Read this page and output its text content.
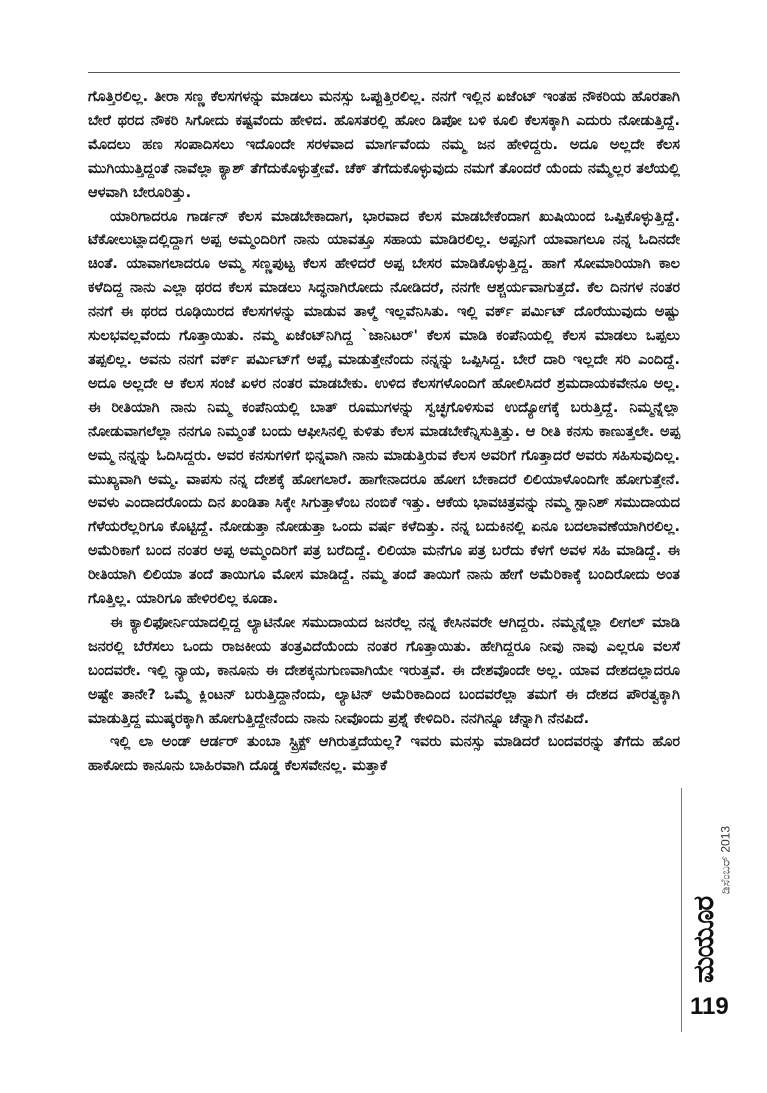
ಗೊತ್ತಿರಲಿಲ್ಲ. ತೀರಾ ಸಣ್ಣ ಕೆಲಸಗಳನ್ನು ಮಾಡಲು ಮನಸ್ಸು ಒಪ್ಪುತ್ತಿರಲಿಲ್ಲ. ನನಗೆ ಇಲ್ಲಿನ ಏಜೆಂಟ್ ಇಂತಹ ನೌಕರಿಯ ಹೊರತಾಗಿ ಬೇರೆ ಥರದ ನೌಕರಿ ಸಿಗೋದು ಕಷ್ಟವೆಂದು ಹೇಳಿದ. ಹೊಸತರಲ್ಲಿ ಹೋಂ ಡಿಪೋ ಬಳಿ ಕೂಲಿ ಕೆಲಸಕ್ಕಾಗಿ ಎದುರು ನೋಡುತ್ತಿದ್ದೆ. ಮೊದಲು ಹಣ ಸಂಪಾದಿಸಲು ಇದೊಂದೇ ಸರಳವಾದ ಮಾರ್ಗವೆಂದು ನಮ್ಮ ಜನ ಹೇಳಿದ್ದರು. ಅದೂ ಅಲ್ಲದೇ ಕೆಲಸ ಮುಗಿಯುತ್ತಿದ್ದಂತೆ ನಾವೆಲ್ಲಾ ಕ್ಯಾಶ್ ತೆಗೆದುಕೊಳ್ಳುತ್ತೇವೆ. ಚೆಕ್ ತೆಗೆದುಕೊಳ್ಳುವುದು ನಮಗೆ ತೊಂದರೆ ಯೆಂದು ನಮ್ಮೆಲ್ಲರ ತಲೆಯಲ್ಲಿ ಆಳವಾಗಿ ಬೇರೂರಿತ್ತು.

ಯಾರಿಗಾದರೂ ಗಾರ್ಡನ್ ಕೆಲಸ ಮಾಡಬೇಕಾದಾಗ, ಭಾರವಾದ ಕೆಲಸ ಮಾಡಬೇಕೆಂದಾಗ ಖುಷಿಯಿಂದ ಒಪ್ಪಿಕೊಳ್ಳುತ್ತಿದ್ದೆ. ಟೆಕೋಲುಟ್ಲಾದಲ್ಲಿದ್ದಾಗ ಅಪ್ಪ ಅಮ್ಮಂದಿರಿಗೆ ನಾನು ಯಾವತ್ತೂ ಸಹಾಯ ಮಾಡಿರಲಿಲ್ಲ. ಅಪ್ಪನಿಗೆ ಯಾವಾಗಲೂ ನನ್ನ ಓದಿನದೇ ಚಿಂತೆ. ಯಾವಾಗಲಾದರೂ ಅಮ್ಮ ಸಣ್ಣಪುಟ್ಟ ಕೆಲಸ ಹೇಳಿದರೆ ಅಪ್ಪ ಬೇಸರ ಮಾಡಿಕೊಳ್ಳುತ್ತಿದ್ದ. ಹಾಗೆ ಸೋಮಾರಿಯಾಗಿ ಕಾಲ ಕಳೆದಿದ್ದ ನಾನು ಎಲ್ಲಾ ಥರದ ಕೆಲಸ ಮಾಡಲು ಸಿದ್ಧನಾಗಿರೋದು ನೋಡಿದರೆ, ನನಗೇ ಆಶ್ಚರ್ಯವಾಗುತ್ತದೆ. ಕೆಲ ದಿನಗಳ ನಂತರ ನನಗೆ ಈ ಥರದ ರೂಢಿಯಿರದ ಕೆಲಸಗಳನ್ನು ಮಾಡುವ ತಾಳ್ಮೆ ಇಲ್ಲವೆನಿಸಿತು. ಇಲ್ಲಿ ವರ್ಕ್ ಪರ್ಮಿಟ್ ದೊರೆಯುವುದು ಅಷ್ಟು ಸುಲಭವಲ್ಲವೆಂದು ಗೊತ್ತಾಯಿತು. ನಮ್ಮ ಏಜೆಂಟ್‌ನಿಗಿದ್ದ `ಜಾನಿಟರ್' ಕೆಲಸ ಮಾಡಿ ಕಂಪೆನಿಯಲ್ಲಿ ಕೆಲಸ ಮಾಡಲು ಒಪ್ಪಲು ತಪ್ಪಲಿಲ್ಲ. ಅವನು ನನಗೆ ವರ್ಕ್ ಪರ್ಮಿಟ್‌ಗೆ ಅಪ್ಲೈ ಮಾಡುತ್ತೇನೆಂದು ನನ್ನನ್ನು ಒಪ್ಪಿಸಿದ್ದ. ಬೇರೆ ದಾರಿ ಇಲ್ಲದೇ ಸರಿ ಎಂದಿದ್ದೆ. ಅದೂ ಅಲ್ಲದೇ ಆ ಕೆಲಸ ಸಂಜೆ ಏಳರ ನಂತರ ಮಾಡಬೇಕು. ಉಳಿದ ಕೆಲಸಗಳೊಂದಿಗೆ ಹೋಲಿಸಿದರೆ ಶ್ರಮದಾಯಕವೇನೂ ಅಲ್ಲ. ಈ ರೀತಿಯಾಗಿ ನಾನು ನಿಮ್ಮ ಕಂಪೆನಿಯಲ್ಲಿ ಬಾತ್ ರೂಮುಗಳನ್ನು ಸ್ವಚ್ಛಗೊಳಿಸುವ ಉದ್ಯೋಗಕ್ಕೆ ಬರುತ್ತಿದ್ದೆ. ನಿಮ್ಮನ್ನೆಲ್ಲಾ ನೋಡುವಾಗಲೆಲ್ಲಾ ನನಗೂ ನಿಮ್ಮಂತೆ ಬಂದು ಆಫೀಸಿನಲ್ಲಿ ಕುಳಿತು ಕೆಲಸ ಮಾಡಬೇಕೆನ್ನಿಸುತ್ತಿತ್ತು. ಆ ರೀತಿ ಕನಸು ಕಾಣುತ್ತಲೇ. ಅಪ್ಪ ಅಮ್ಮ ನನ್ನನ್ನು ಓದಿಸಿದ್ದರು. ಅವರ ಕನಸುಗಳಿಗೆ ಭಿನ್ನವಾಗಿ ನಾನು ಮಾಡುತ್ತಿರುವ ಕೆಲಸ ಅವರಿಗೆ ಗೊತ್ತಾದರೆ ಅವರು ಸಹಿಸುವುದಿಲ್ಲ. ಮುಖ್ಯವಾಗಿ ಅಮ್ಮ. ವಾಪಸು ನನ್ನ ದೇಶಕ್ಕೆ ಹೋಗಲಾರೆ. ಹಾಗೇನಾದರೂ ಹೋಗ ಬೇಕಾದರೆ ಲಿಲಿಯಾಳೊಂದಿಗೇ ಹೋಗುತ್ತೇನೆ. ಅವಳು ಎಂದಾದರೊಂದು ದಿನ ಖಂಡಿತಾ ಸಿಕ್ಕೇ ಸಿಗುತ್ತಾಳೆಂಬ ನಂಬಿಕೆ ಇತ್ತು. ಆಕೆಯ ಭಾವಚಿತ್ರವನ್ನು ನಮ್ಮ ಸ್ಪಾನಿಶ್ ಸಮುದಾಯದ ಗೆಳೆಯರೆಲ್ಲರಿಗೂ ಕೊಟ್ಟಿದ್ದೆ. ನೋಡುತ್ತಾ ನೋಡುತ್ತಾ ಒಂದು ವರ್ಷ ಕಳೆದಿತ್ತು. ನನ್ನ ಬದುಕಿನಲ್ಲಿ ಏನೂ ಬದಲಾವಣೆಯಾಗಿರಲಿಲ್ಲ. ಅಮೆರಿಕಾಗೆ ಬಂದ ನಂತರ ಅಪ್ಪ ಅಮ್ಮಂದಿರಿಗೆ ಪತ್ರ ಬರೆದಿದ್ದೆ. ಲಿಲಿಯಾ ಮನೆಗೂ ಪತ್ರ ಬರೆದು ಕೆಳಗೆ ಅವಳ ಸಹಿ ಮಾಡಿದ್ದೆ. ಈ ರೀತಿಯಾಗಿ ಲಿಲಿಯಾ ತಂದೆ ತಾಯಿಗೂ ಮೋಸ ಮಾಡಿದ್ದೆ. ನಮ್ಮ ತಂದೆ ತಾಯಿಗೆ ನಾನು ಹೇಗೆ ಅಮೆರಿಕಾಕ್ಕೆ ಬಂದಿರೋದು ಅಂತ ಗೊತ್ತಿಲ್ಲ. ಯಾರಿಗೂ ಹೇಳಿರಲಿಲ್ಲ ಕೂಡಾ.

ಈ ಕ್ಯಾಲಿಫೋರ್ನಿಯಾದಲ್ಲಿದ್ದ ಲ್ಯಾಟಿನೋ ಸಮುದಾಯದ ಜನರೆಲ್ಲ ನನ್ನ ಕೇಸಿನವರೇ ಆಗಿದ್ದರು. ನಮ್ಮನ್ನೆಲ್ಲಾ ಲೀಗಲ್ ಮಾಡಿ ಜನರಲ್ಲಿ ಬೆರೆಸಲು ಒಂದು ರಾಜಕೀಯ ತಂತ್ರವಿದೆಯೆಂದು ನಂತರ ಗೊತ್ತಾಯಿತು. ಹೇಗಿದ್ದರೂ ನೀವು ನಾವು ಎಲ್ಲರೂ ವಲಸೆ ಬಂದವರೇ. ಇಲ್ಲಿ ನ್ಯಾಯ, ಕಾನೂನು ಈ ದೇಶಕ್ಕನುಗುಣವಾಗಿಯೇ ಇರುತ್ತವೆ. ಈ ದೇಶವೊಂದೇ ಅಲ್ಲ. ಯಾವ ದೇಶದಲ್ಲಾದರೂ ಅಷ್ಟೇ ತಾನೇ? ಒಮ್ಮೆ ಕ್ಲಿಂಟನ್ ಬರುತ್ತಿದ್ದಾನೆಂದು, ಲ್ಯಾಟಿನ್ ಅಮೆರಿಕಾದಿಂದ ಬಂದವರೆಲ್ಲಾ ತಮಗೆ ಈ ದೇಶದ ಪೌರತ್ವಕ್ಕಾಗಿ ಮಾಡುತ್ತಿದ್ದ ಮುಷ್ಕರಕ್ಕಾಗಿ ಹೋಗುತ್ತಿದ್ದೇನೆಂದು ನಾನು ನೀವೊಂದು ಪ್ರಶ್ನೆ ಕೇಳಿದಿರಿ. ನನಗಿನ್ನೂ ಚೆನ್ನಾಗಿ ನೆನಪಿದೆ.

ಇಲ್ಲಿ ಲಾ ಅಂಡ್ ಆರ್ಡರ್ ತುಂಬಾ ಸ್ಟ್ರಿಕ್ಟ್ ಆಗಿರುತ್ತದೆಯಲ್ಲ? ಇವರು ಮನಸ್ಸು ಮಾಡಿದರೆ ಬಂದವರನ್ನು ತೆಗೆದು ಹೊರ ಹಾಕೋದು ಕಾನೂನು ಬಾಹಿರವಾಗಿ ದೊಡ್ಡ ಕೆಲಸವೇನಲ್ಲ. ಮತ್ತಾಕೆ

ಮಯೂರ
ಡಿಸೆಂಬರ್ 2013
119
